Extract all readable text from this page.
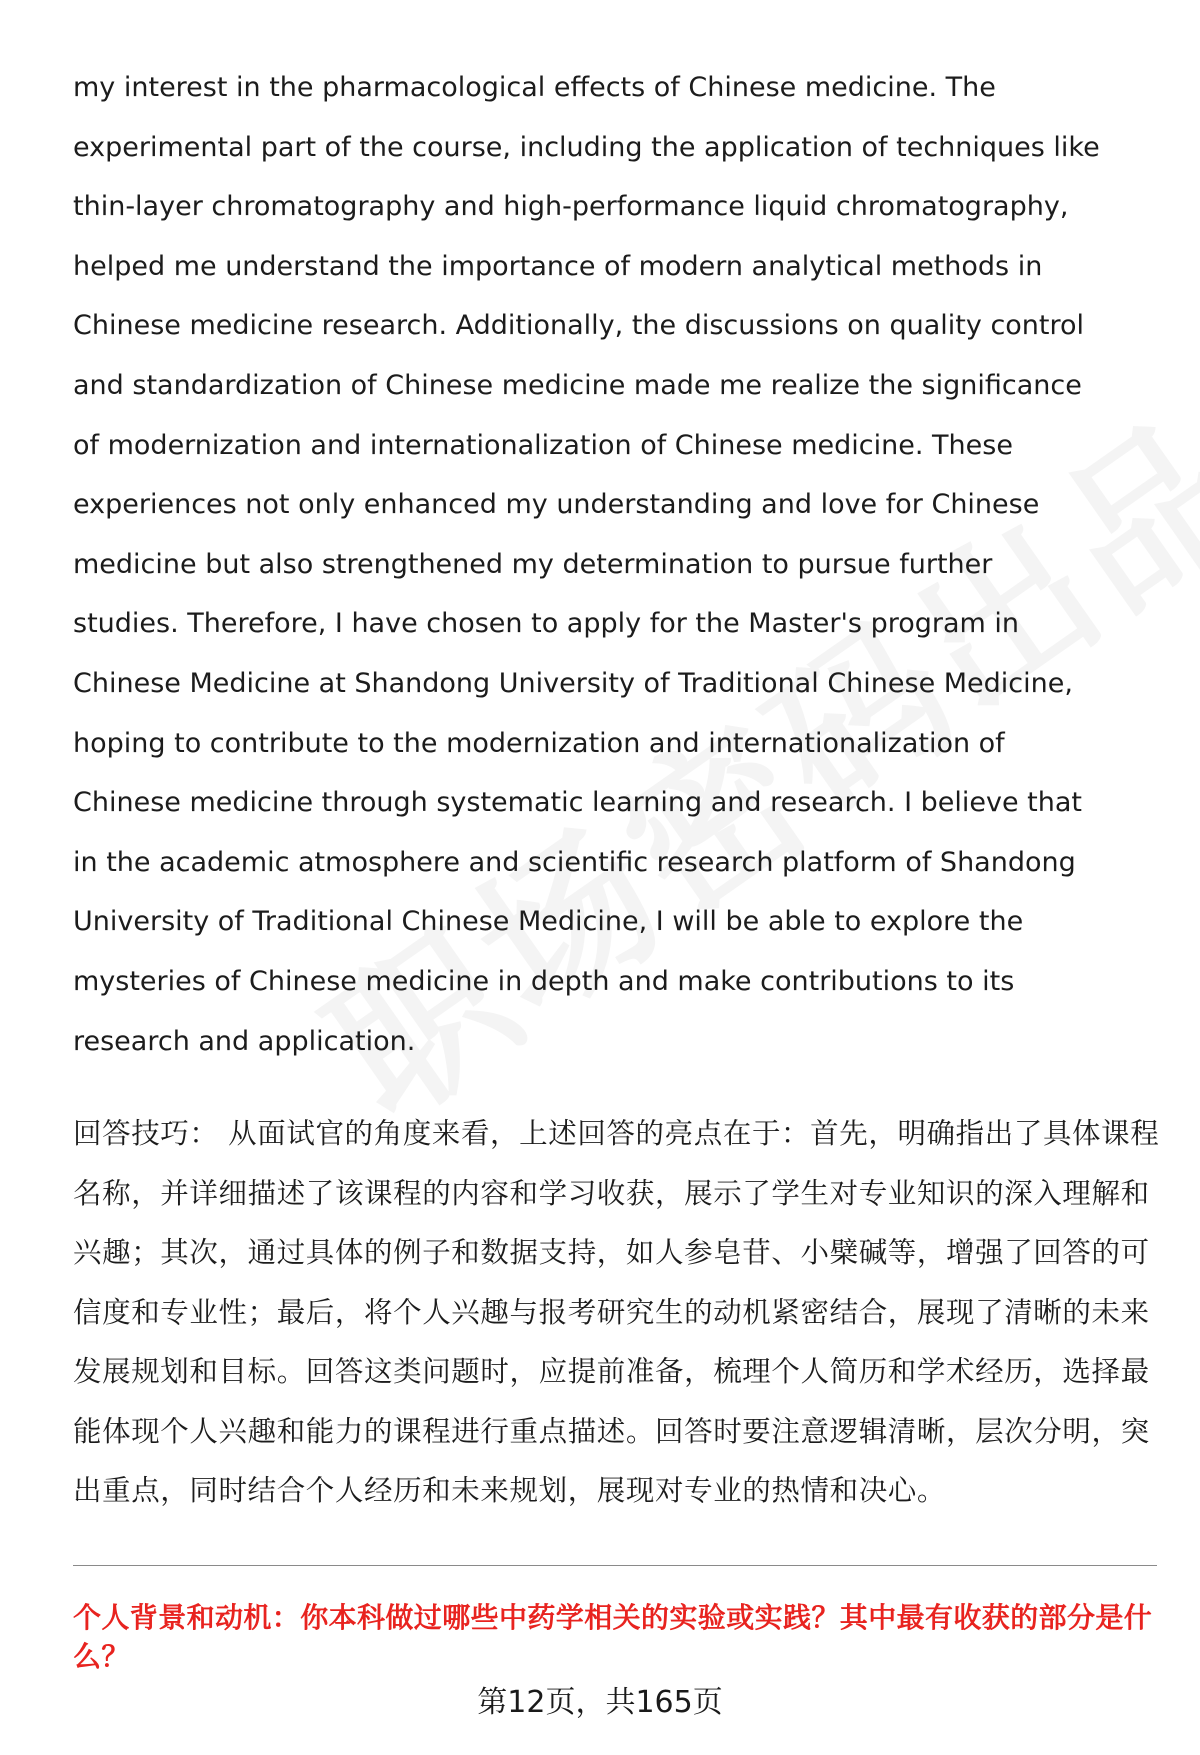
my interest in the pharmacological effects of Chinese medicine. The
experimental part of the course, including the application of techniques like
thin-layer chromatography and high-performance liquid chromatography,
helped me understand the importance of modern analytical methods in
Chinese medicine research. Additionally, the discussions on quality control
and standardization of Chinese medicine made me realize the significance
of modernization and internationalization of Chinese medicine. These
experiences not only enhanced my understanding and love for Chinese
medicine but also strengthened my determination to pursue further
studies. Therefore, I have chosen to apply for the Master's program in
Chinese Medicine at Shandong University of Traditional Chinese Medicine,
hoping to contribute to the modernization and internationalization of
Chinese medicine through systematic learning and research. I believe that
in the academic atmosphere and scientific research platform of Shandong
University of Traditional Chinese Medicine, I will be able to explore the
mysteries of Chinese medicine in depth and make contributions to its
research and application.

回答技巧： 从面试官的角度来看，上述回答的亮点在于：首先，明确指出了具体课程名称，并详细描述了该课程的内容和学习收获，展示了学生对专业知识的深入理解和兴趣；其次，通过具体的例子和数据支持，如人参皂苷、小檗碱等，增强了回答的可信度和专业性；最后，将个人兴趣与报考研究生的动机紧密结合，展现了清晰的未来发展规划和目标。回答这类问题时，应提前准备，梳理个人简历和学术经历，选择最能体现个人兴趣和能力的课程进行重点描述。回答时要注意逻辑清晰，层次分明，突出重点，同时结合个人经历和未来规划，展现对专业的热情和决心。

个人背景和动机：你本科做过哪些中药学相关的实验或实践？其中最有收获的部分是什么？

第12页，共165页
